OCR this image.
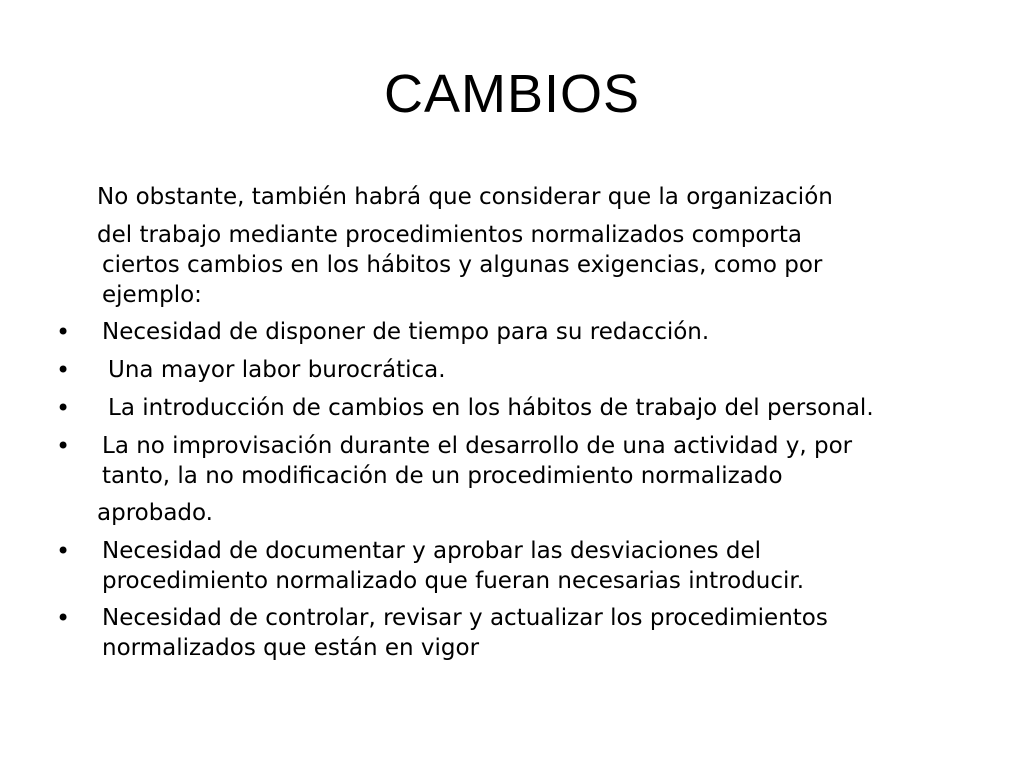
CAMBIOS
No obstante, también habrá que considerar que la organización
del trabajo mediante procedimientos normalizados comporta
ciertos cambios en los hábitos y algunas exigencias, como por
ejemplo:
• Necesidad de disponer de tiempo para su redacción.
• Una mayor labor burocrática.
• La introducción de cambios en los hábitos de trabajo del personal.
• La no improvisación durante el desarrollo de una actividad y, por
tanto, la no modificación de un procedimiento normalizado
aprobado.
• Necesidad de documentar y aprobar las desviaciones del
procedimiento normalizado que fueran necesarias introducir.
• Necesidad de controlar, revisar y actualizar los procedimientos
normalizados que están en vigor
